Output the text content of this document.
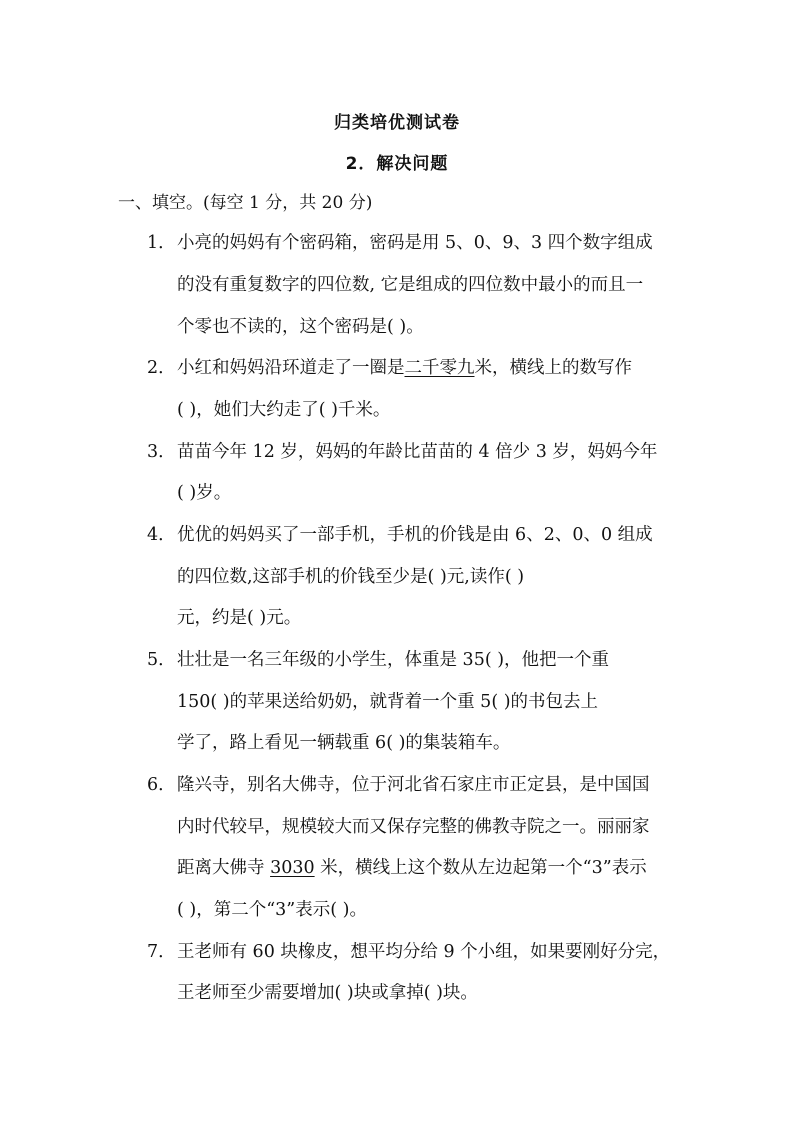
归类培优测试卷
2．解决问题
一、填空。(每空 1 分，共 20 分)
1． 小亮的妈妈有个密码箱，密码是用 5、0、9、3 四个数字组成
的没有重复数字的四位数, 它是组成的四位数中最小的而且一
个零也不读的，这个密码是( )。
2． 小红和妈妈沿环道走了一圈是二千零九米，横线上的数写作
( )，她们大约走了( )千米。
3． 苗苗今年 12 岁，妈妈的年龄比苗苗的 4 倍少 3 岁，妈妈今年
( )岁。
4． 优优的妈妈买了一部手机，手机的价钱是由 6、2、0、0 组成
的四位数,这部手机的价钱至少是( )元,读作( )
元，约是( )元。
5． 壮壮是一名三年级的小学生，体重是 35( )，他把一个重
150( )的苹果送给奶奶，就背着一个重 5( )的书包去上
学了，路上看见一辆载重 6( )的集装箱车。
6． 隆兴寺，别名大佛寺，位于河北省石家庄市正定县，是中国国
内时代较早，规模较大而又保存完整的佛教寺院之一。丽丽家
距离大佛寺 3030 米，横线上这个数从左边起第一个“3”表示
( )，第二个“3”表示( )。
7． 王老师有 60 块橡皮，想平均分给 9 个小组，如果要刚好分完，
王老师至少需要增加( )块或拿掉( )块。
